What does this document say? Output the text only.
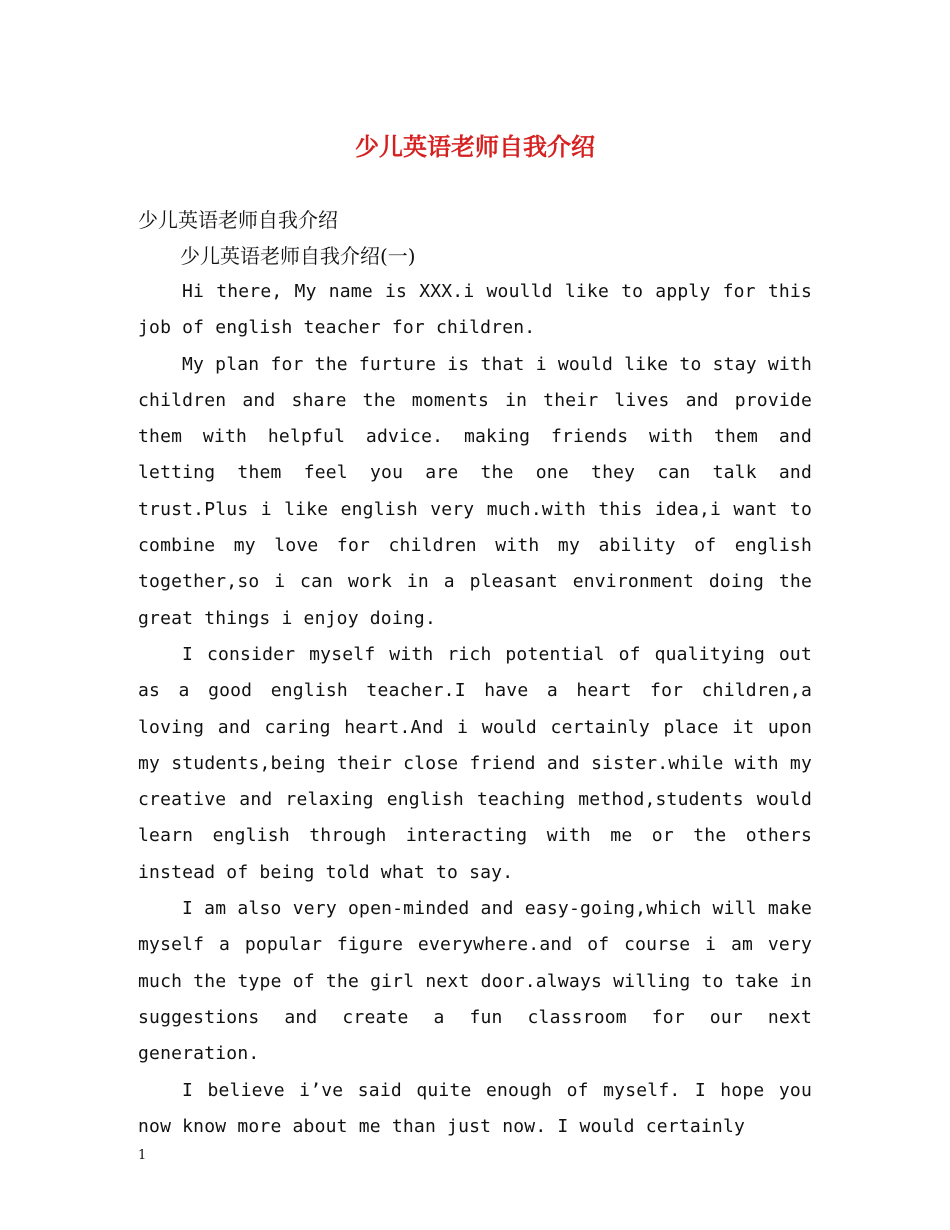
少儿英语老师自我介绍
少儿英语老师自我介绍
少儿英语老师自我介绍(一)

Hi there, My name is XXX.i woulld like to apply for this job of english teacher for children.

My plan for the furture is that i would like to stay with children and share the moments in their lives and provide them with helpful advice. making friends with them and letting them feel you are the one they can talk and trust.Plus i like english very much.with this idea,i want to combine my love for children with my ability of english together,so i can work in a pleasant environment doing the great things i enjoy doing.

I consider myself with rich potential of qualitying out as a good english teacher.I have a heart for children,a loving and caring heart.And i would certainly place it upon my students,being their close friend and sister.while with my creative and relaxing english teaching method,students would learn english through interacting with me or the others instead of being told what to say.

I am also very open-minded and easy-going,which will make myself a popular figure everywhere.and of course i am very much the type of the girl next door.always willing to take in suggestions and create a fun classroom for our next generation.

I believe i’ve said quite enough of myself. I hope you now know more about me than just now. I would certainly

1
